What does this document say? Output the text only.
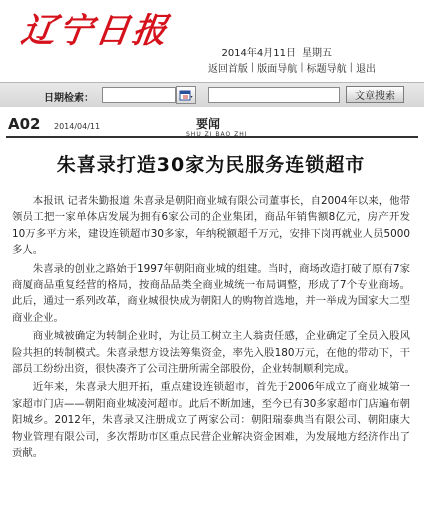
辽宁日报
2014年4月11日 星期五
返回首版 | 版面导航 | 标题导航 | 退出
日期检索：	文章搜索
A02 2014/04/11	要闻
SHU ZI BAO ZHI
朱喜录打造30家为民服务连锁超市

本报讯 记者朱勤报道 朱喜录是朝阳商业城有限公司董事长，自2004年以来，他带领员工把一家单体店发展为拥有6家公司的企业集团，商品年销售额8亿元，房产开发10万多平方米，建设连锁超市30多家，年纳税额超千万元，安排下岗再就业人员5000多人。

朱喜录的创业之路始于1997年朝阳商业城的组建。当时，商场改造打破了原有7家商厦商品重复经营的格局，按商品品类全商业城统一布局调整，形成了7个专业商场。此后，通过一系列改革，商业城很快成为朝阳人的购物首选地，并一举成为国家大二型商业企业。

商业城被确定为转制企业时，为让员工树立主人翁责任感，企业确定了全员入股风险共担的转制模式。朱喜录想方设法筹集资金，率先入股180万元，在他的带动下，干部员工纷纷出资，很快凑齐了公司注册所需全部股份，企业转制顺利完成。

近年来，朱喜录大胆开拓，重点建设连锁超市，首先于2006年成立了商业城第一家超市门店——朝阳商业城凌河超市。此后不断加速，至今已有30多家超市门店遍布朝阳城乡。2012年，朱喜录又注册成立了两家公司：朝阳瑞泰典当有限公司、朝阳康大物业管理有限公司，多次帮助市区重点民营企业解决资金困难，为发展地方经济作出了贡献。
